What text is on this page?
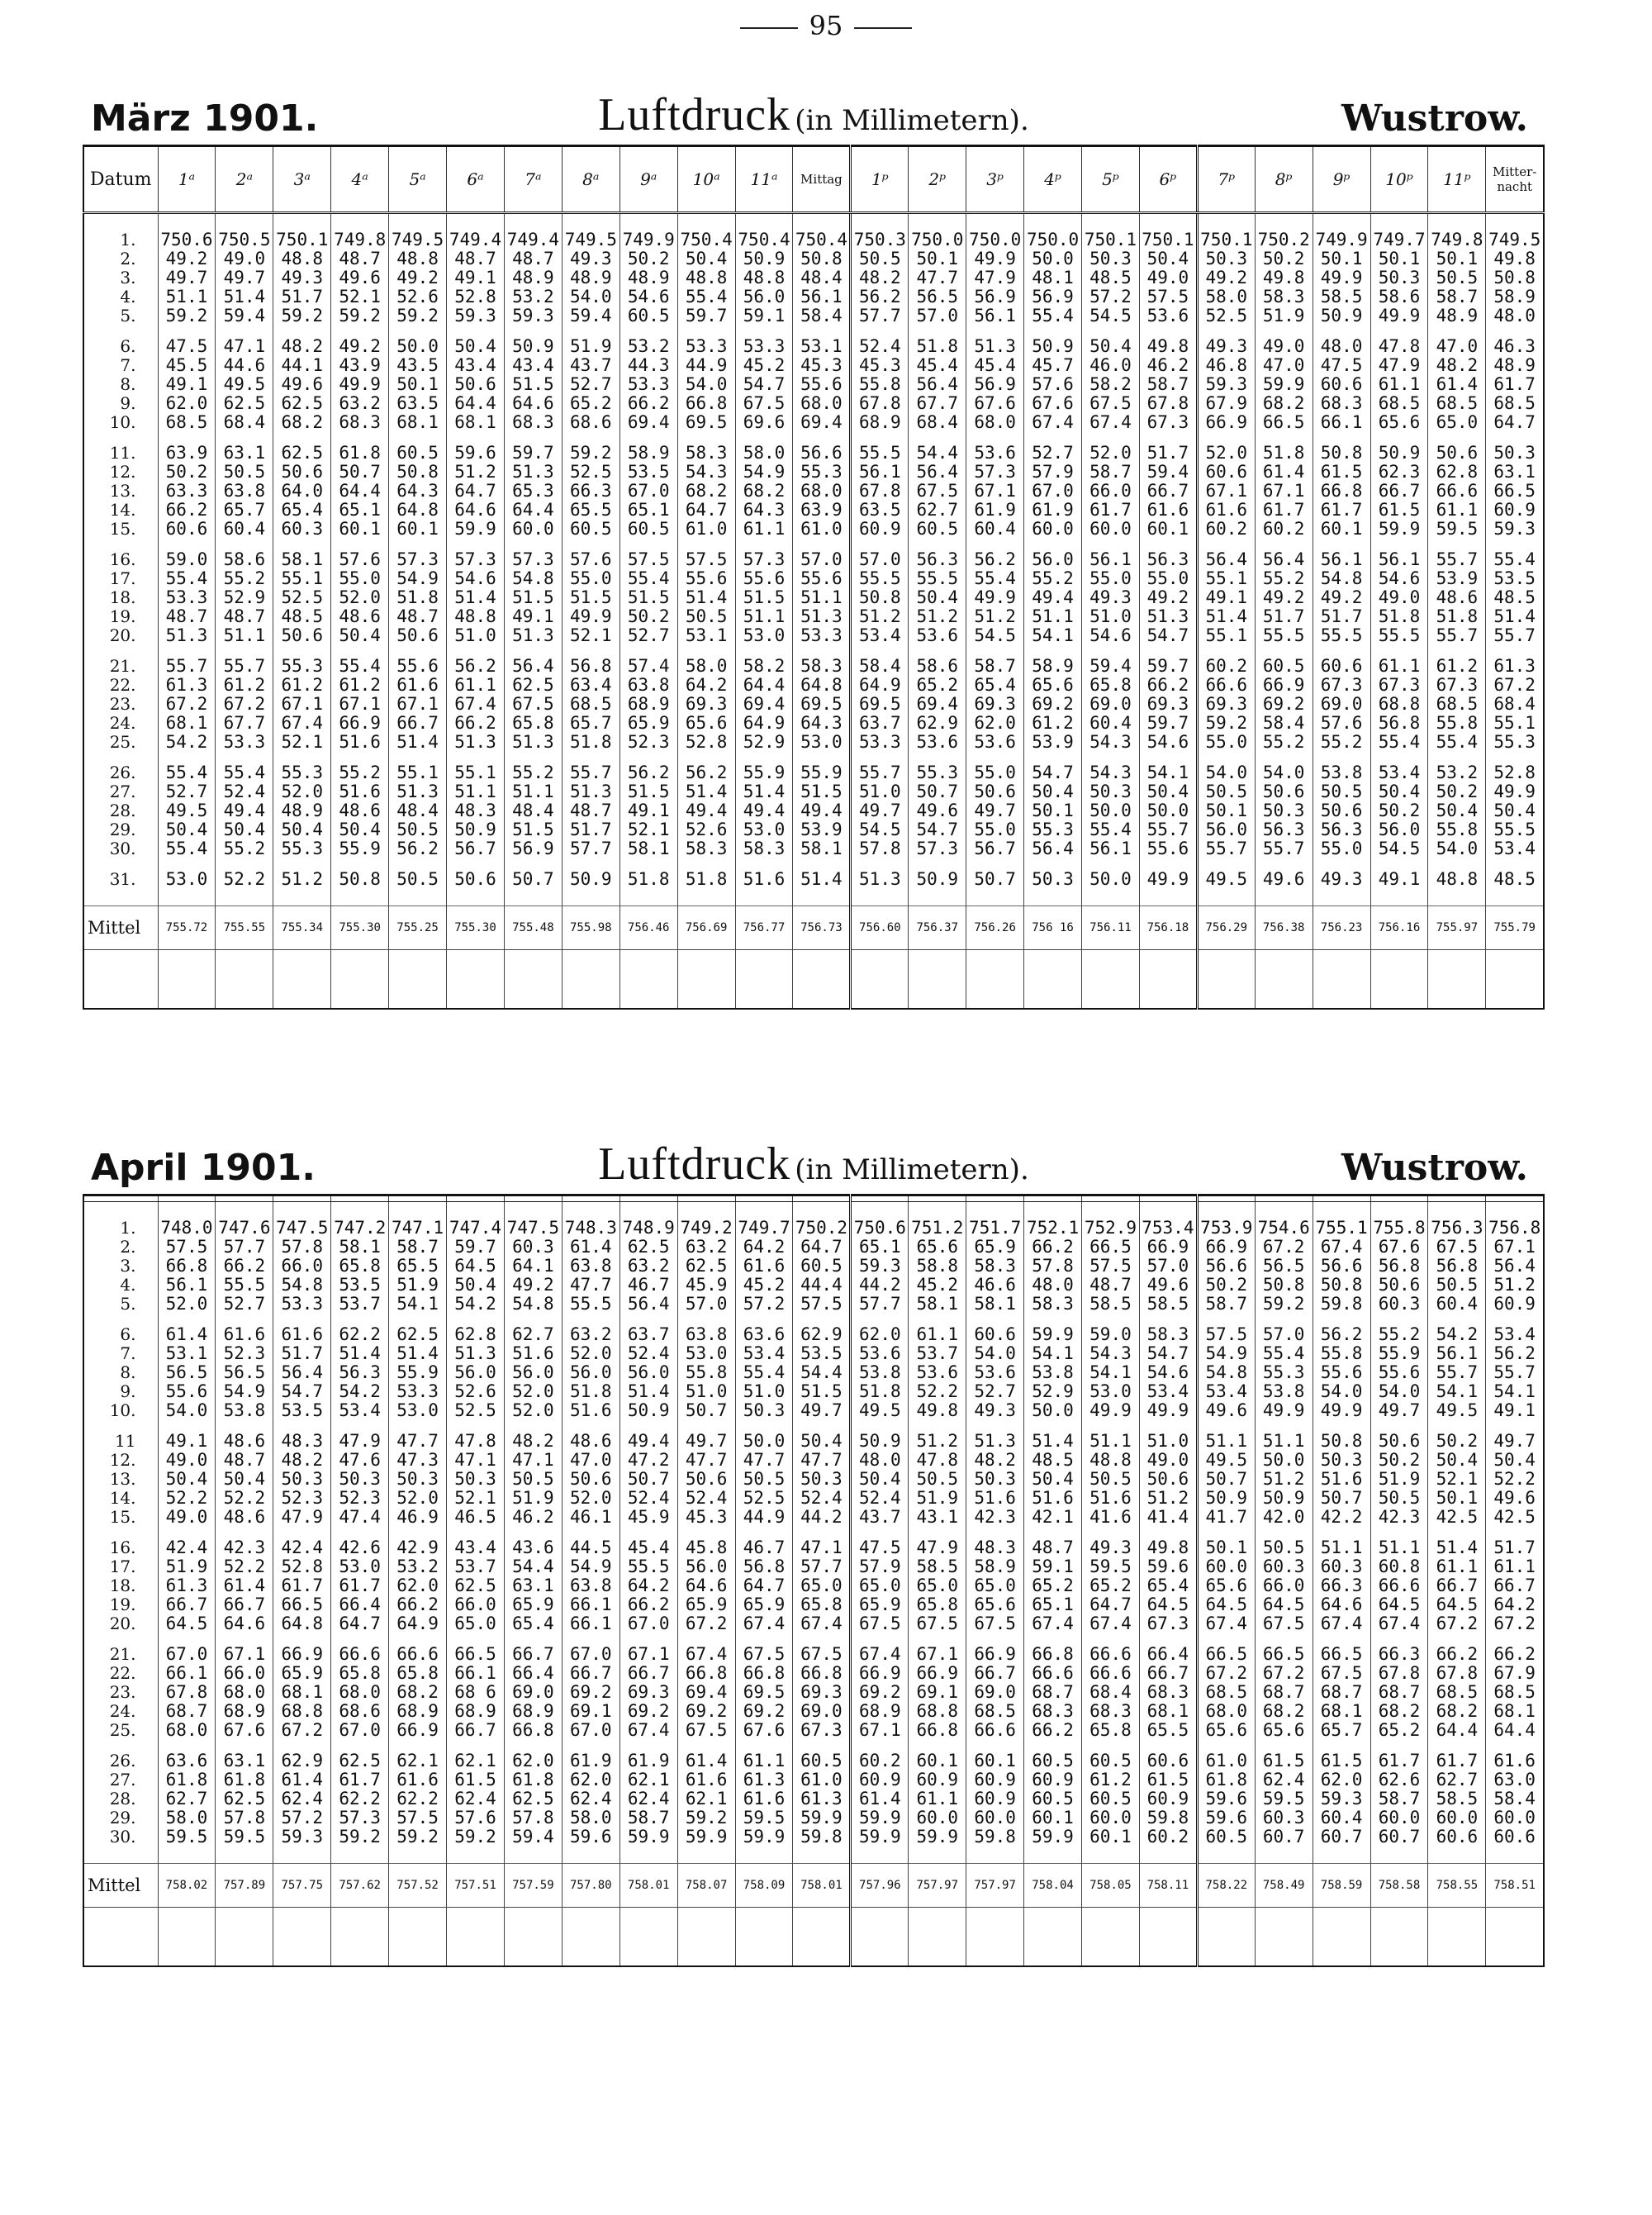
95
März 1901.	Luftdruck (in Millimetern).	Wustrow.
Datum	1ᵃ	2ᵃ	3ᵃ	4ᵃ	5ᵃ	6ᵃ	7ᵃ	8ᵃ	9ᵃ	10ᵃ	11ᵃ	Mittag	1ᵖ	2ᵖ	3ᵖ	4ᵖ	5ᵖ	6ᵖ	7ᵖ	8ᵖ	9ᵖ	10ᵖ	11ᵖ	Mitter-nacht

1.	750.6	750.5	750.1	749.8	749.5	749.4	749.4	749.5	749.9	750.4	750.4	750.4	750.3	750.0	750.0	750.0	750.1	750.1	750.1	750.2	749.9	749.7	749.8	749.5
2.	49.2	49.0	48.8	48.7	48.8	48.7	48.7	49.3	50.2	50.4	50.9	50.8	50.5	50.1	49.9	50.0	50.3	50.4	50.3	50.2	50.1	50.1	50.1	49.8
3.	49.7	49.7	49.3	49.6	49.2	49.1	48.9	48.9	48.9	48.8	48.8	48.4	48.2	47.7	47.9	48.1	48.5	49.0	49.2	49.8	49.9	50.3	50.5	50.8
4.	51.1	51.4	51.7	52.1	52.6	52.8	53.2	54.0	54.6	55.4	56.0	56.1	56.2	56.5	56.9	56.9	57.2	57.5	58.0	58.3	58.5	58.6	58.7	58.9
5.	59.2	59.4	59.2	59.2	59.2	59.3	59.3	59.4	60.5	59.7	59.1	58.4	57.7	57.0	56.1	55.4	54.5	53.6	52.5	51.9	50.9	49.9	48.9	48.0

6.	47.5	47.1	48.2	49.2	50.0	50.4	50.9	51.9	53.2	53.3	53.3	53.1	52.4	51.8	51.3	50.9	50.4	49.8	49.3	49.0	48.0	47.8	47.0	46.3
7.	45.5	44.6	44.1	43.9	43.5	43.4	43.4	43.7	44.3	44.9	45.2	45.3	45.3	45.4	45.4	45.7	46.0	46.2	46.8	47.0	47.5	47.9	48.2	48.9
8.	49.1	49.5	49.6	49.9	50.1	50.6	51.5	52.7	53.3	54.0	54.7	55.6	55.8	56.4	56.9	57.6	58.2	58.7	59.3	59.9	60.6	61.1	61.4	61.7
9.	62.0	62.5	62.5	63.2	63.5	64.4	64.6	65.2	66.2	66.8	67.5	68.0	67.8	67.7	67.6	67.6	67.5	67.8	67.9	68.2	68.3	68.5	68.5	68.5
10.	68.5	68.4	68.2	68.3	68.1	68.1	68.3	68.6	69.4	69.5	69.6	69.4	68.9	68.4	68.0	67.4	67.4	67.3	66.9	66.5	66.1	65.6	65.0	64.7

11.	63.9	63.1	62.5	61.8	60.5	59.6	59.7	59.2	58.9	58.3	58.0	56.6	55.5	54.4	53.6	52.7	52.0	51.7	52.0	51.8	50.8	50.9	50.6	50.3
12.	50.2	50.5	50.6	50.7	50.8	51.2	51.3	52.5	53.5	54.3	54.9	55.3	56.1	56.4	57.3	57.9	58.7	59.4	60.6	61.4	61.5	62.3	62.8	63.1
13.	63.3	63.8	64.0	64.4	64.3	64.7	65.3	66.3	67.0	68.2	68.2	68.0	67.8	67.5	67.1	67.0	66.0	66.7	67.1	67.1	66.8	66.7	66.6	66.5
14.	66.2	65.7	65.4	65.1	64.8	64.6	64.4	65.5	65.1	64.7	64.3	63.9	63.5	62.7	61.9	61.9	61.7	61.6	61.6	61.7	61.7	61.5	61.1	60.9
15.	60.6	60.4	60.3	60.1	60.1	59.9	60.0	60.5	60.5	61.0	61.1	61.0	60.9	60.5	60.4	60.0	60.0	60.1	60.2	60.2	60.1	59.9	59.5	59.3

16.	59.0	58.6	58.1	57.6	57.3	57.3	57.3	57.6	57.5	57.5	57.3	57.0	57.0	56.3	56.2	56.0	56.1	56.3	56.4	56.4	56.1	56.1	55.7	55.4
17.	55.4	55.2	55.1	55.0	54.9	54.6	54.8	55.0	55.4	55.6	55.6	55.6	55.5	55.5	55.4	55.2	55.0	55.0	55.1	55.2	54.8	54.6	53.9	53.5
18.	53.3	52.9	52.5	52.0	51.8	51.4	51.5	51.5	51.5	51.4	51.5	51.1	50.8	50.4	49.9	49.4	49.3	49.2	49.1	49.2	49.2	49.0	48.6	48.5
19.	48.7	48.7	48.5	48.6	48.7	48.8	49.1	49.9	50.2	50.5	51.1	51.3	51.2	51.2	51.2	51.1	51.0	51.3	51.4	51.7	51.7	51.8	51.8	51.4
20.	51.3	51.1	50.6	50.4	50.6	51.0	51.3	52.1	52.7	53.1	53.0	53.3	53.4	53.6	54.5	54.1	54.6	54.7	55.1	55.5	55.5	55.5	55.7	55.7

21.	55.7	55.7	55.3	55.4	55.6	56.2	56.4	56.8	57.4	58.0	58.2	58.3	58.4	58.6	58.7	58.9	59.4	59.7	60.2	60.5	60.6	61.1	61.2	61.3
22.	61.3	61.2	61.2	61.2	61.6	61.1	62.5	63.4	63.8	64.2	64.4	64.8	64.9	65.2	65.4	65.6	65.8	66.2	66.6	66.9	67.3	67.3	67.3	67.2
23.	67.2	67.2	67.1	67.1	67.1	67.4	67.5	68.5	68.9	69.3	69.4	69.5	69.5	69.4	69.3	69.2	69.0	69.3	69.3	69.2	69.0	68.8	68.5	68.4
24.	68.1	67.7	67.4	66.9	66.7	66.2	65.8	65.7	65.9	65.6	64.9	64.3	63.7	62.9	62.0	61.2	60.4	59.7	59.2	58.4	57.6	56.8	55.8	55.1
25.	54.2	53.3	52.1	51.6	51.4	51.3	51.3	51.8	52.3	52.8	52.9	53.0	53.3	53.6	53.6	53.9	54.3	54.6	55.0	55.2	55.2	55.4	55.4	55.3

26.	55.4	55.4	55.3	55.2	55.1	55.1	55.2	55.7	56.2	56.2	55.9	55.9	55.7	55.3	55.0	54.7	54.3	54.1	54.0	54.0	53.8	53.4	53.2	52.8
27.	52.7	52.4	52.0	51.6	51.3	51.1	51.1	51.3	51.5	51.4	51.4	51.5	51.0	50.7	50.6	50.4	50.3	50.4	50.5	50.6	50.5	50.4	50.2	49.9
28.	49.5	49.4	48.9	48.6	48.4	48.3	48.4	48.7	49.1	49.4	49.4	49.4	49.7	49.6	49.7	50.1	50.0	50.0	50.1	50.3	50.6	50.2	50.4	50.4
29.	50.4	50.4	50.4	50.4	50.5	50.9	51.5	51.7	52.1	52.6	53.0	53.9	54.5	54.7	55.0	55.3	55.4	55.7	56.0	56.3	56.3	56.0	55.8	55.5
30.	55.4	55.2	55.3	55.9	56.2	56.7	56.9	57.7	58.1	58.3	58.3	58.1	57.8	57.3	56.7	56.4	56.1	55.6	55.7	55.7	55.0	54.5	54.0	53.4

31.	53.0	52.2	51.2	50.8	50.5	50.6	50.7	50.9	51.8	51.8	51.6	51.4	51.3	50.9	50.7	50.3	50.0	49.9	49.5	49.6	49.3	49.1	48.8	48.5

Mittel	755.72	755.55	755.34	755.30	755.25	755.30	755.48	755.98	756.46	756.69	756.77	756.73	756.60	756.37	756.26	756 16	756.11	756.18	756.29	756.38	756.23	756.16	755.97	755.79

April 1901.	Luftdruck (in Millimetern).	Wustrow.

1.	748.0	747.6	747.5	747.2	747.1	747.4	747.5	748.3	748.9	749.2	749.7	750.2	750.6	751.2	751.7	752.1	752.9	753.4	753.9	754.6	755.1	755.8	756.3	756.8
2.	57.5	57.7	57.8	58.1	58.7	59.7	60.3	61.4	62.5	63.2	64.2	64.7	65.1	65.6	65.9	66.2	66.5	66.9	66.9	67.2	67.4	67.6	67.5	67.1
3.	66.8	66.2	66.0	65.8	65.5	64.5	64.1	63.8	63.2	62.5	61.6	60.5	59.3	58.8	58.3	57.8	57.5	57.0	56.6	56.5	56.6	56.8	56.8	56.4
4.	56.1	55.5	54.8	53.5	51.9	50.4	49.2	47.7	46.7	45.9	45.2	44.4	44.2	45.2	46.6	48.0	48.7	49.6	50.2	50.8	50.8	50.6	50.5	51.2
5.	52.0	52.7	53.3	53.7	54.1	54.2	54.8	55.5	56.4	57.0	57.2	57.5	57.7	58.1	58.1	58.3	58.5	58.5	58.7	59.2	59.8	60.3	60.4	60.9

6.	61.4	61.6	61.6	62.2	62.5	62.8	62.7	63.2	63.7	63.8	63.6	62.9	62.0	61.1	60.6	59.9	59.0	58.3	57.5	57.0	56.2	55.2	54.2	53.4
7.	53.1	52.3	51.7	51.4	51.4	51.3	51.6	52.0	52.4	53.0	53.4	53.5	53.6	53.7	54.0	54.1	54.3	54.7	54.9	55.4	55.8	55.9	56.1	56.2
8.	56.5	56.5	56.4	56.3	55.9	56.0	56.0	56.0	56.0	55.8	55.4	54.4	53.8	53.6	53.6	53.8	54.1	54.6	54.8	55.3	55.6	55.6	55.7	55.7
9.	55.6	54.9	54.7	54.2	53.3	52.6	52.0	51.8	51.4	51.0	51.0	51.5	51.8	52.2	52.7	52.9	53.0	53.4	53.4	53.8	54.0	54.0	54.1	54.1
10.	54.0	53.8	53.5	53.4	53.0	52.5	52.0	51.6	50.9	50.7	50.3	49.7	49.5	49.8	49.3	50.0	49.9	49.9	49.6	49.9	49.9	49.7	49.5	49.1

11	49.1	48.6	48.3	47.9	47.7	47.8	48.2	48.6	49.4	49.7	50.0	50.4	50.9	51.2	51.3	51.4	51.1	51.0	51.1	51.1	50.8	50.6	50.2	49.7
12.	49.0	48.7	48.2	47.6	47.3	47.1	47.1	47.0	47.2	47.7	47.7	47.7	48.0	47.8	48.2	48.5	48.8	49.0	49.5	50.0	50.3	50.2	50.4	50.4
13.	50.4	50.4	50.3	50.3	50.3	50.3	50.5	50.6	50.7	50.6	50.5	50.3	50.4	50.5	50.3	50.4	50.5	50.6	50.7	51.2	51.6	51.9	52.1	52.2
14.	52.2	52.2	52.3	52.3	52.0	52.1	51.9	52.0	52.4	52.4	52.5	52.4	52.4	51.9	51.6	51.6	51.6	51.2	50.9	50.9	50.7	50.5	50.1	49.6
15.	49.0	48.6	47.9	47.4	46.9	46.5	46.2	46.1	45.9	45.3	44.9	44.2	43.7	43.1	42.3	42.1	41.6	41.4	41.7	42.0	42.2	42.3	42.5	42.5

16.	42.4	42.3	42.4	42.6	42.9	43.4	43.6	44.5	45.4	45.8	46.7	47.1	47.5	47.9	48.3	48.7	49.3	49.8	50.1	50.5	51.1	51.1	51.4	51.7
17.	51.9	52.2	52.8	53.0	53.2	53.7	54.4	54.9	55.5	56.0	56.8	57.7	57.9	58.5	58.9	59.1	59.5	59.6	60.0	60.3	60.3	60.8	61.1	61.1
18.	61.3	61.4	61.7	61.7	62.0	62.5	63.1	63.8	64.2	64.6	64.7	65.0	65.0	65.0	65.0	65.2	65.2	65.4	65.6	66.0	66.3	66.6	66.7	66.7
19.	66.7	66.7	66.5	66.4	66.2	66.0	65.9	66.1	66.2	65.9	65.9	65.8	65.9	65.8	65.6	65.1	64.7	64.5	64.5	64.5	64.6	64.5	64.5	64.2
20.	64.5	64.6	64.8	64.7	64.9	65.0	65.4	66.1	67.0	67.2	67.4	67.4	67.5	67.5	67.5	67.4	67.4	67.3	67.4	67.5	67.4	67.4	67.2	67.2

21.	67.0	67.1	66.9	66.6	66.6	66.5	66.7	67.0	67.1	67.4	67.5	67.5	67.4	67.1	66.9	66.8	66.6	66.4	66.5	66.5	66.5	66.3	66.2	66.2
22.	66.1	66.0	65.9	65.8	65.8	66.1	66.4	66.7	66.7	66.8	66.8	66.8	66.9	66.9	66.7	66.6	66.6	66.7	67.2	67.2	67.5	67.8	67.8	67.9
23.	67.8	68.0	68.1	68.0	68.2	68 6	69.0	69.2	69.3	69.4	69.5	69.3	69.2	69.1	69.0	68.7	68.4	68.3	68.5	68.7	68.7	68.7	68.5	68.5
24.	68.7	68.9	68.8	68.6	68.9	68.9	68.9	69.1	69.2	69.2	69.2	69.0	68.9	68.8	68.5	68.3	68.3	68.1	68.0	68.2	68.1	68.2	68.2	68.1
25.	68.0	67.6	67.2	67.0	66.9	66.7	66.8	67.0	67.4	67.5	67.6	67.3	67.1	66.8	66.6	66.2	65.8	65.5	65.6	65.6	65.7	65.2	64.4	64.4

26.	63.6	63.1	62.9	62.5	62.1	62.1	62.0	61.9	61.9	61.4	61.1	60.5	60.2	60.1	60.1	60.5	60.5	60.6	61.0	61.5	61.5	61.7	61.7	61.6
27.	61.8	61.8	61.4	61.7	61.6	61.5	61.8	62.0	62.1	61.6	61.3	61.0	60.9	60.9	60.9	60.9	61.2	61.5	61.8	62.4	62.0	62.6	62.7	63.0
28.	62.7	62.5	62.4	62.2	62.2	62.4	62.5	62.4	62.4	62.1	61.6	61.3	61.4	61.1	60.9	60.5	60.5	60.9	59.6	59.5	59.3	58.7	58.5	58.4
29.	58.0	57.8	57.2	57.3	57.5	57.6	57.8	58.0	58.7	59.2	59.5	59.9	59.9	60.0	60.0	60.1	60.0	59.8	59.6	60.3	60.4	60.0	60.0	60.0
30.	59.5	59.5	59.3	59.2	59.2	59.2	59.4	59.6	59.9	59.9	59.9	59.8	59.9	59.9	59.8	59.9	60.1	60.2	60.5	60.7	60.7	60.7	60.6	60.6

Mittel	758.02	757.89	757.75	757.62	757.52	757.51	757.59	757.80	758.01	758.07	758.09	758.01	757.96	757.97	757.97	758.04	758.05	758.11	758.22	758.49	758.59	758.58	758.55	758.51
